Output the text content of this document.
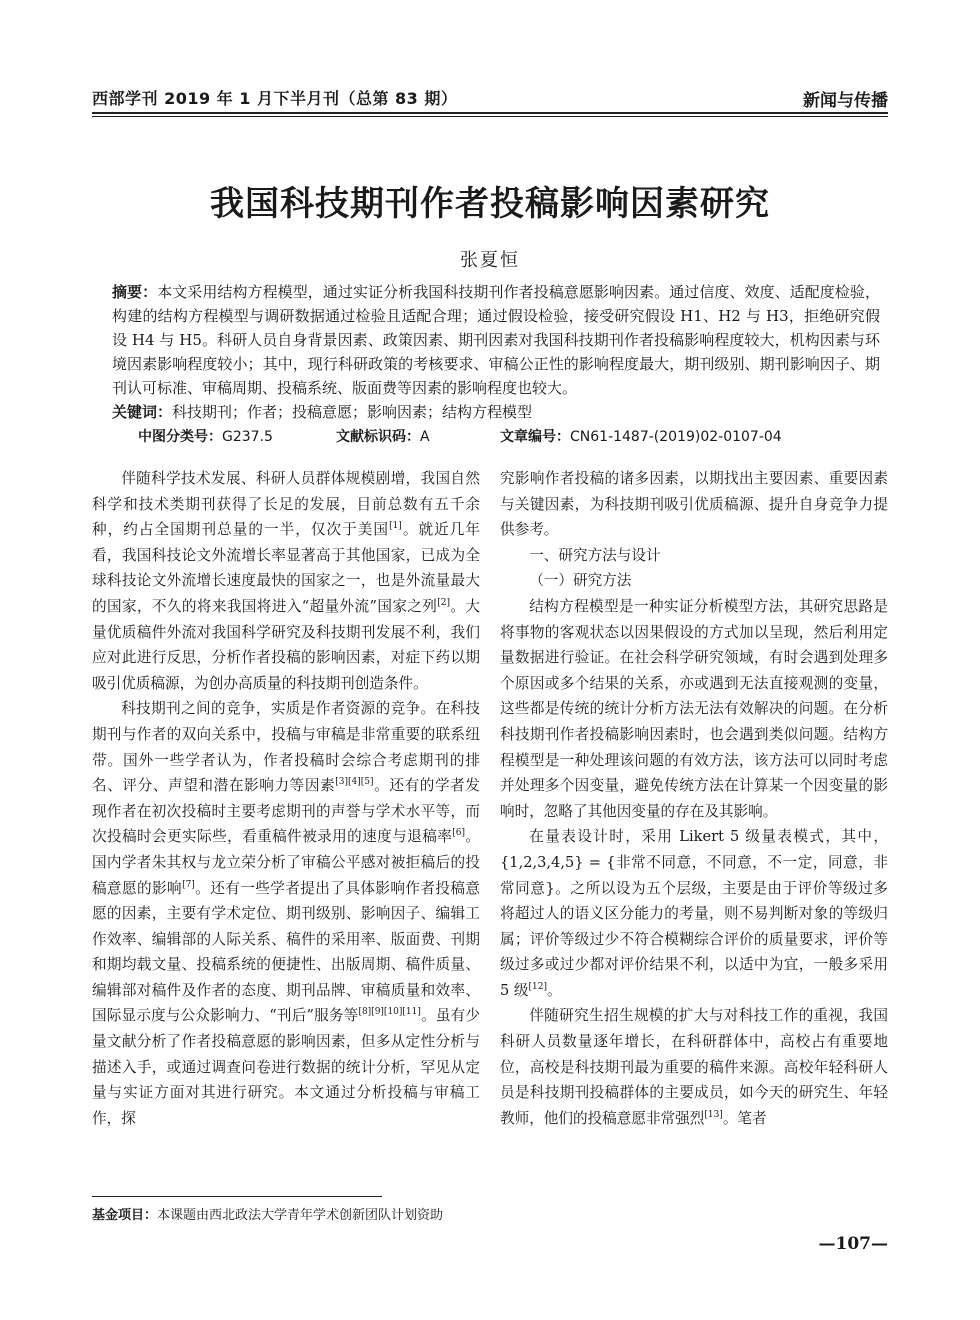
西部学刊 2019 年 1 月下半月刊（总第 83 期）	新闻与传播
我国科技期刊作者投稿影响因素研究
张夏恒
摘要：本文采用结构方程模型，通过实证分析我国科技期刊作者投稿意愿影响因素。通过信度、效度、适配度检验，构建的结构方程模型与调研数据通过检验且适配合理；通过假设检验，接受研究假设 H1、H2 与 H3，拒绝研究假设 H4 与 H5。科研人员自身背景因素、政策因素、期刊因素对我国科技期刊作者投稿影响程度较大，机构因素与环境因素影响程度较小；其中，现行科研政策的考核要求、审稿公正性的影响程度最大，期刊级别、期刊影响因子、期刊认可标准、审稿周期、投稿系统、版面费等因素的影响程度也较大。
关键词：科技期刊；作者；投稿意愿；影响因素；结构方程模型
中图分类号：G237.5	文献标识码：A	文章编号：CN61-1487-(2019)02-0107-04

伴随科学技术发展、科研人员群体规模剧增，我国自然科学和技术类期刊获得了长足的发展，目前总数有五千余种，约占全国期刊总量的一半，仅次于美国[1]。就近几年看，我国科技论文外流增长率显著高于其他国家，已成为全球科技论文外流增长速度最快的国家之一，也是外流量最大的国家，不久的将来我国将进入“超量外流”国家之列[2]。大量优质稿件外流对我国科学研究及科技期刊发展不利，我们应对此进行反思，分析作者投稿的影响因素，对症下药以期吸引优质稿源，为创办高质量的科技期刊创造条件。

科技期刊之间的竞争，实质是作者资源的竞争。在科技期刊与作者的双向关系中，投稿与审稿是非常重要的联系纽带。国外一些学者认为，作者投稿时会综合考虑期刊的排名、评分、声望和潜在影响力等因素[3][4][5]。还有的学者发现作者在初次投稿时主要考虑期刊的声誉与学术水平等，而次投稿时会更实际些，看重稿件被录用的速度与退稿率[6]。国内学者朱其权与龙立荣分析了审稿公平感对被拒稿后的投稿意愿的影响[7]。还有一些学者提出了具体影响作者投稿意愿的因素，主要有学术定位、期刊级别、影响因子、编辑工作效率、编辑部的人际关系、稿件的采用率、版面费、刊期和期均载文量、投稿系统的便捷性、出版周期、稿件质量、编辑部对稿件及作者的态度、期刊品牌、审稿质量和效率、国际显示度与公众影响力、“刊后”服务等[8][9][10][11]。虽有少量文献分析了作者投稿意愿的影响因素，但多从定性分析与描述入手，或通过调查问卷进行数据的统计分析，罕见从定量与实证方面对其进行研究。本文通过分析投稿与审稿工作，探

究影响作者投稿的诸多因素，以期找出主要因素、重要因素与关键因素，为科技期刊吸引优质稿源、提升自身竞争力提供参考。

一、研究方法与设计

（一）研究方法

结构方程模型是一种实证分析模型方法，其研究思路是将事物的客观状态以因果假设的方式加以呈现，然后利用定量数据进行验证。在社会科学研究领域，有时会遇到处理多个原因或多个结果的关系，亦或遇到无法直接观测的变量，这些都是传统的统计分析方法无法有效解决的问题。在分析科技期刊作者投稿影响因素时，也会遇到类似问题。结构方程模型是一种处理该问题的有效方法，该方法可以同时考虑并处理多个因变量，避免传统方法在计算某一个因变量的影响时，忽略了其他因变量的存在及其影响。

在量表设计时，采用 Likert 5 级量表模式，其中，{1,2,3,4,5} = {非常不同意，不同意，不一定，同意，非常同意}。之所以设为五个层级，主要是由于评价等级过多将超过人的语义区分能力的考量，则不易判断对象的等级归属；评价等级过少不符合模糊综合评价的质量要求，评价等级过多或过少都对评价结果不利，以适中为宜，一般多采用 5 级[12]。

伴随研究生招生规模的扩大与对科技工作的重视，我国科研人员数量逐年增长，在科研群体中，高校占有重要地位，高校是科技期刊最为重要的稿件来源。高校年轻科研人员是科技期刊投稿群体的主要成员，如今天的研究生、年轻教师，他们的投稿意愿非常强烈[13]。笔者

基金项目：本课题由西北政法大学青年学术创新团队计划资助
—107—
